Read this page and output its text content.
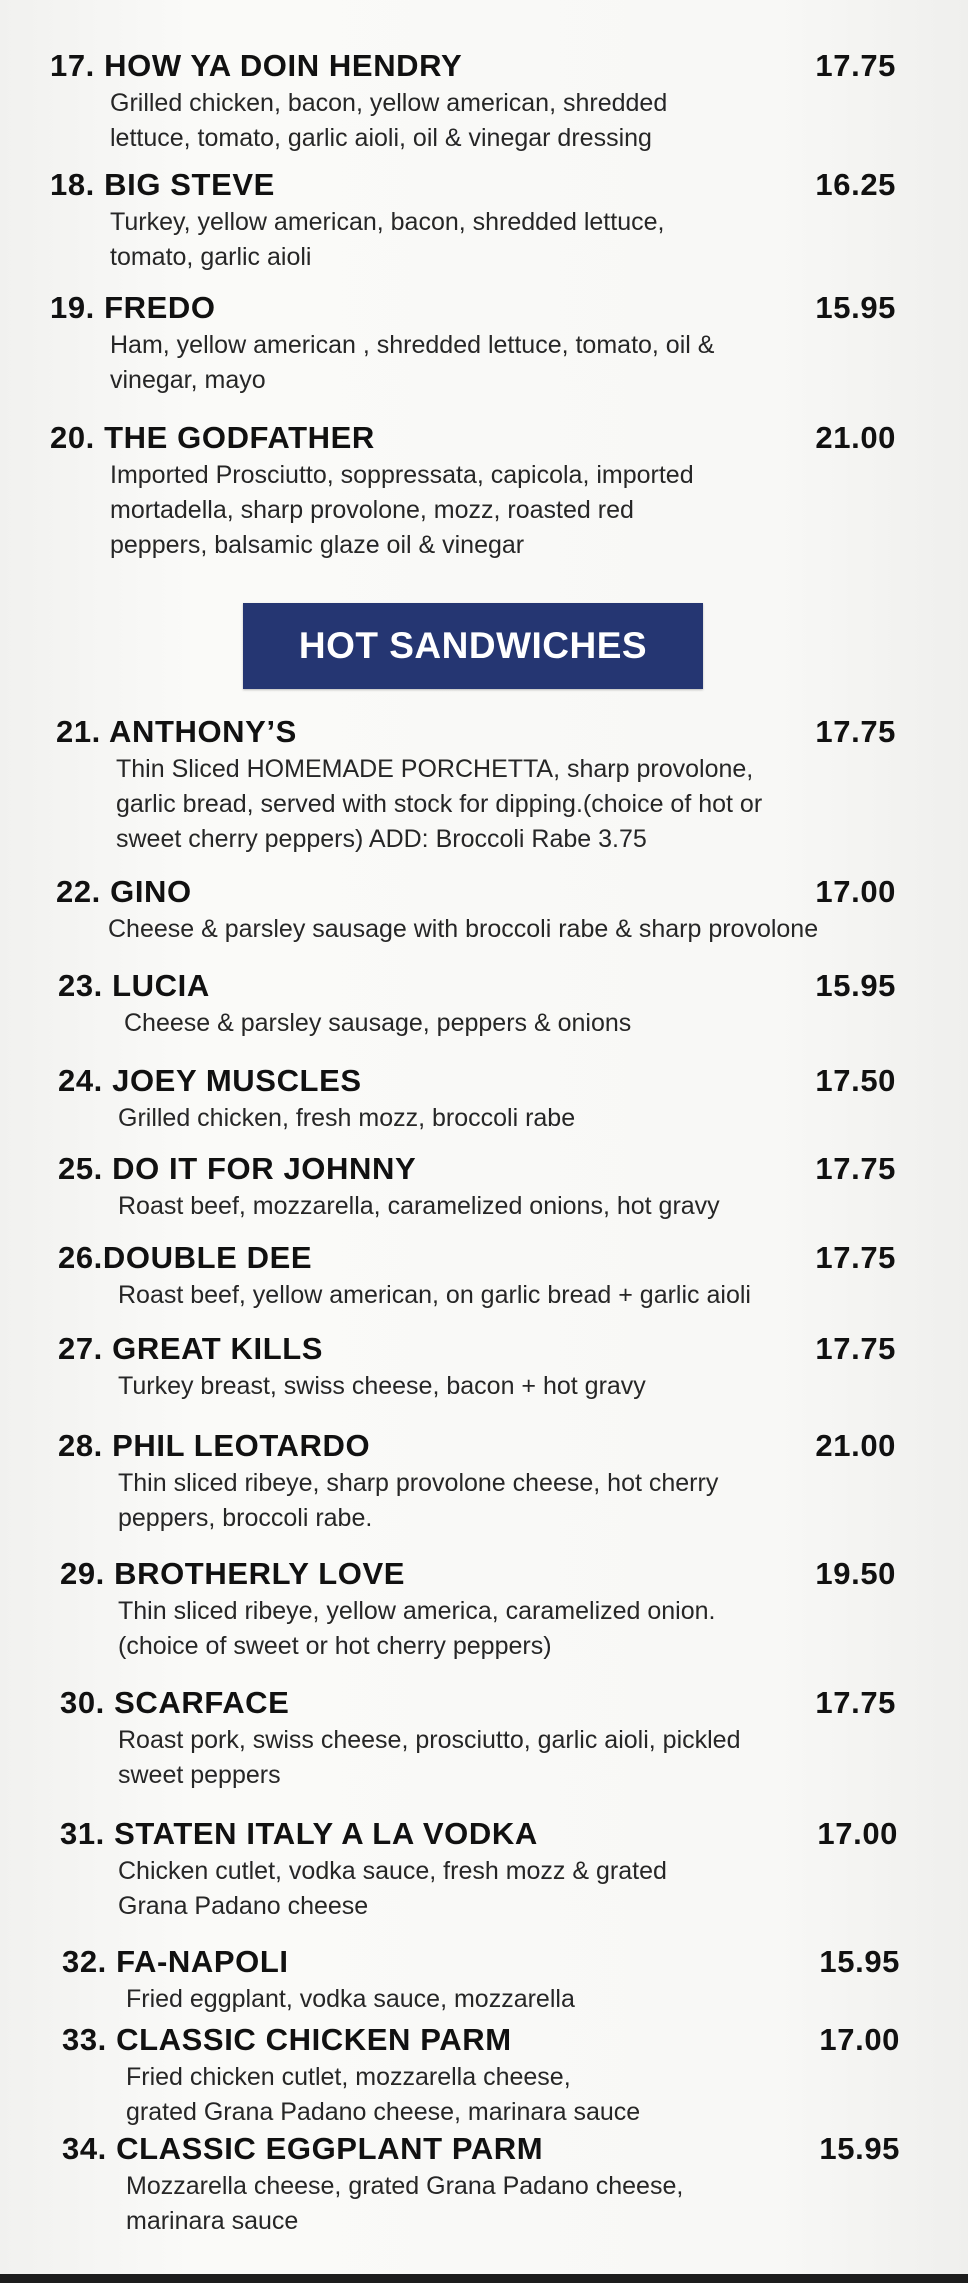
17. HOW YA DOIN HENDRY	17.75
Grilled chicken, bacon, yellow american, shredded
lettuce, tomato, garlic aioli, oil & vinegar dressing
18. BIG STEVE	16.25
Turkey, yellow american, bacon, shredded lettuce,
tomato, garlic aioli
19. FREDO	15.95
Ham, yellow american , shredded lettuce, tomato, oil &
vinegar, mayo
20. THE GODFATHER	21.00
Imported Prosciutto, soppressata, capicola, imported
mortadella, sharp provolone, mozz, roasted red
peppers, balsamic glaze oil & vinegar
HOT SANDWICHES
21. ANTHONY’S	17.75
Thin Sliced HOMEMADE PORCHETTA, sharp provolone,
garlic bread, served with stock for dipping.(choice of hot or
sweet cherry peppers) ADD: Broccoli Rabe 3.75
22. GINO	17.00
Cheese & parsley sausage with broccoli rabe & sharp provolone
23. LUCIA	15.95
Cheese & parsley sausage, peppers & onions
24. JOEY MUSCLES	17.50
Grilled chicken, fresh mozz, broccoli rabe
25. DO IT FOR JOHNNY	17.75
Roast beef, mozzarella, caramelized onions, hot gravy
26.DOUBLE DEE	17.75
Roast beef, yellow american, on garlic bread + garlic aioli
27. GREAT KILLS	17.75
Turkey breast, swiss cheese, bacon + hot gravy
28. PHIL LEOTARDO	21.00
Thin sliced ribeye, sharp provolone cheese, hot cherry
peppers, broccoli rabe.
29. BROTHERLY LOVE	19.50
Thin sliced ribeye, yellow america, caramelized onion.
(choice of sweet or hot cherry peppers)
30. SCARFACE	17.75
Roast pork, swiss cheese, prosciutto, garlic aioli, pickled
sweet peppers
31. STATEN ITALY A LA VODKA	17.00
Chicken cutlet, vodka sauce, fresh mozz & grated
Grana Padano cheese
32. FA-NAPOLI	15.95
Fried eggplant, vodka sauce, mozzarella
33. CLASSIC CHICKEN PARM	17.00
Fried chicken cutlet, mozzarella cheese,
grated Grana Padano cheese, marinara sauce
34. CLASSIC EGGPLANT PARM	15.95
Mozzarella cheese, grated Grana Padano cheese,
marinara sauce
